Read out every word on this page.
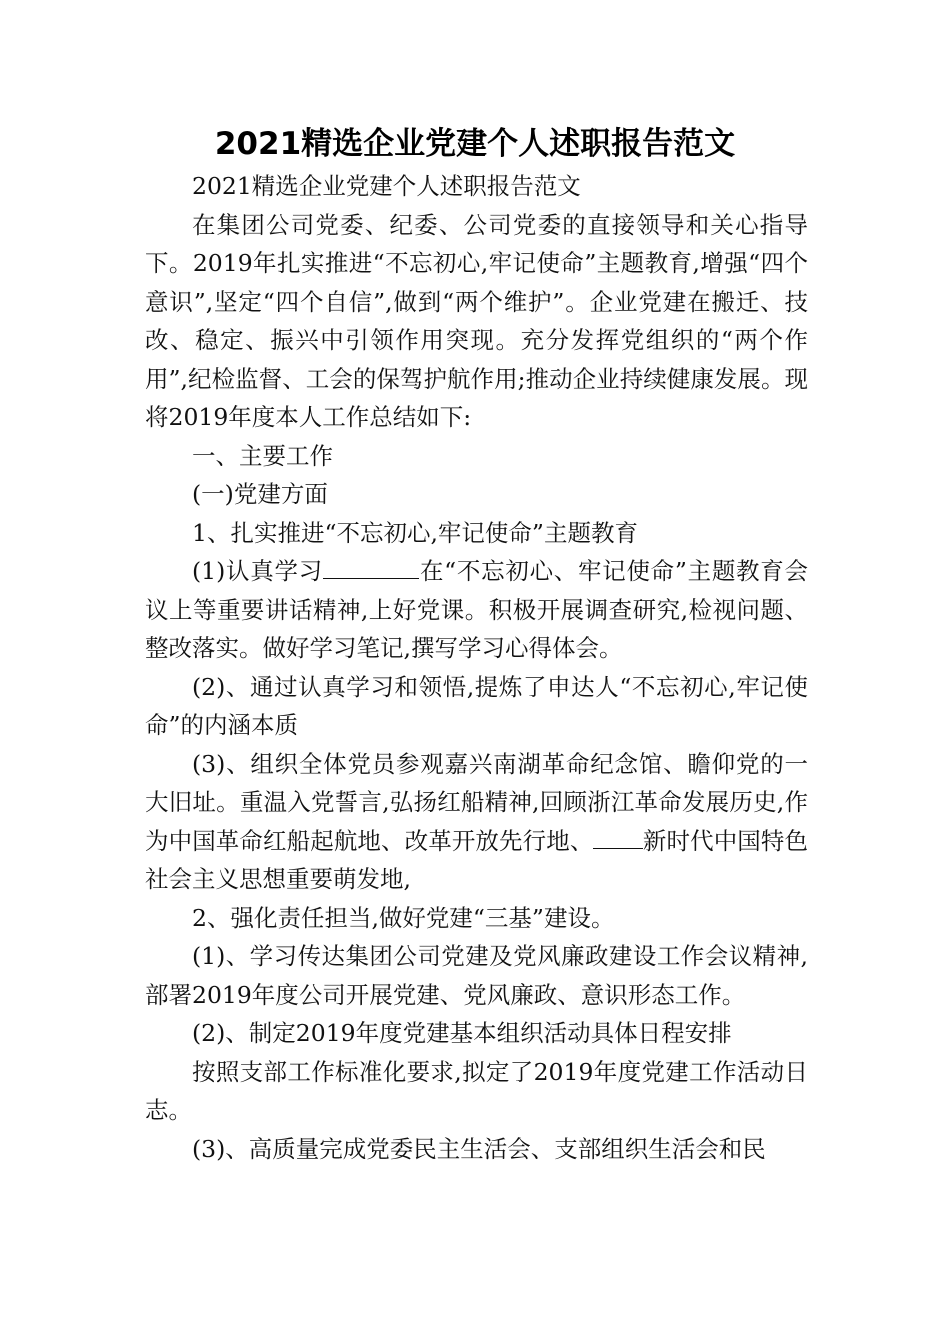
2021精选企业党建个人述职报告范文

2021精选企业党建个人述职报告范文

在集团公司党委、纪委、公司党委的直接领导和关心指导下。2019年扎实推进“不忘初心,牢记使命”主题教育,增强“四个意识”,坚定“四个自信”,做到“两个维护”。企业党建在搬迁、技改、稳定、振兴中引领作用突现。充分发挥党组织的“两个作用”,纪检监督、工会的保驾护航作用;推动企业持续健康发展。现将2019年度本人工作总结如下:

一、主要工作

(一)党建方面

1、扎实推进“不忘初心,牢记使命”主题教育

(1)认真学习	在“不忘初心、牢记使命”主题教育会议上等重要讲话精神,上好党课。积极开展调查研究,检视问题、整改落实。做好学习笔记,撰写学习心得体会。

(2)、通过认真学习和领悟,提炼了申达人“不忘初心,牢记使命”的内涵本质

(3)、组织全体党员参观嘉兴南湖革命纪念馆、瞻仰党的一大旧址。重温入党誓言,弘扬红船精神,回顾浙江革命发展历史,作为中国革命红船起航地、改革开放先行地、 新时代中国特色社会主义思想重要萌发地,

2、强化责任担当,做好党建“三基”建设。

(1)、学习传达集团公司党建及党风廉政建设工作会议精神,部署2019年度公司开展党建、党风廉政、意识形态工作。

(2)、制定2019年度党建基本组织活动具体日程安排

按照支部工作标准化要求,拟定了2019年度党建工作活动日志。

(3)、高质量完成党委民主生活会、支部组织生活会和民
